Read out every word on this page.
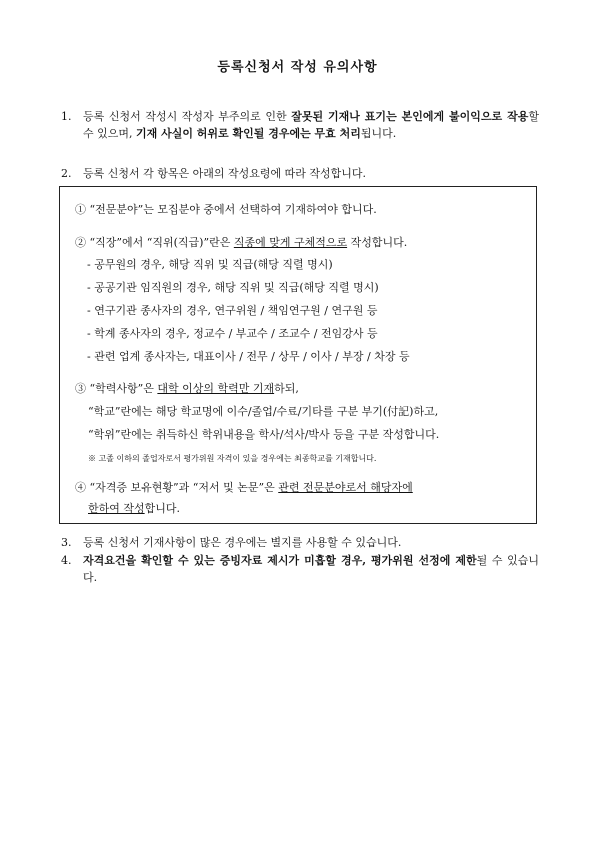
등록신청서 작성 유의사항
1. 등록 신청서 작성시 작성자 부주의로 인한 잘못된 기재나 표기는 본인에게 불이익으로 작용할 수 있으며, 기재 사실이 허위로 확인될 경우에는 무효 처리됩니다.
2. 등록 신청서 각 항목은 아래의 작성요령에 따라 작성합니다.
① “전문분야”는 모집분야 중에서 선택하여 기재하여야 합니다.
② “직장”에서 “직위(직급)”란은 직종에 맞게 구체적으로 작성합니다.
- 공무원의 경우, 해당 직위 및 직급(해당 직렬 명시)
- 공공기관 임직원의 경우, 해당 직위 및 직급(해당 직렬 명시)
- 연구기관 종사자의 경우, 연구위원 / 책임연구원 / 연구원 등
- 학계 종사자의 경우, 정교수 / 부교수 / 조교수 / 전임강사 등
- 관련 업계 종사자는, 대표이사 / 전무 / 상무 / 이사 / 부장 / 차장 등
③ “학력사항”은 대학 이상의 학력만 기재하되,
“학교”란에는 해당 학교명에 이수/졸업/수료/기타를 구분 부기(付記)하고,
“학위”란에는 취득하신 학위내용을 학사/석사/박사 등을 구분 작성합니다.
※ 고졸 이하의 졸업자로서 평가위원 자격이 있을 경우에는 최종학교를 기재합니다.
④ “자격증 보유현황”과 “저서 및 논문”은 관련 전문분야로서 해당자에
한하여 작성합니다.
3. 등록 신청서 기재사항이 많은 경우에는 별지를 사용할 수 있습니다.
4. 자격요건을 확인할 수 있는 증빙자료 제시가 미흡할 경우, 평가위원 선정에 제한될 수 있습니다.
